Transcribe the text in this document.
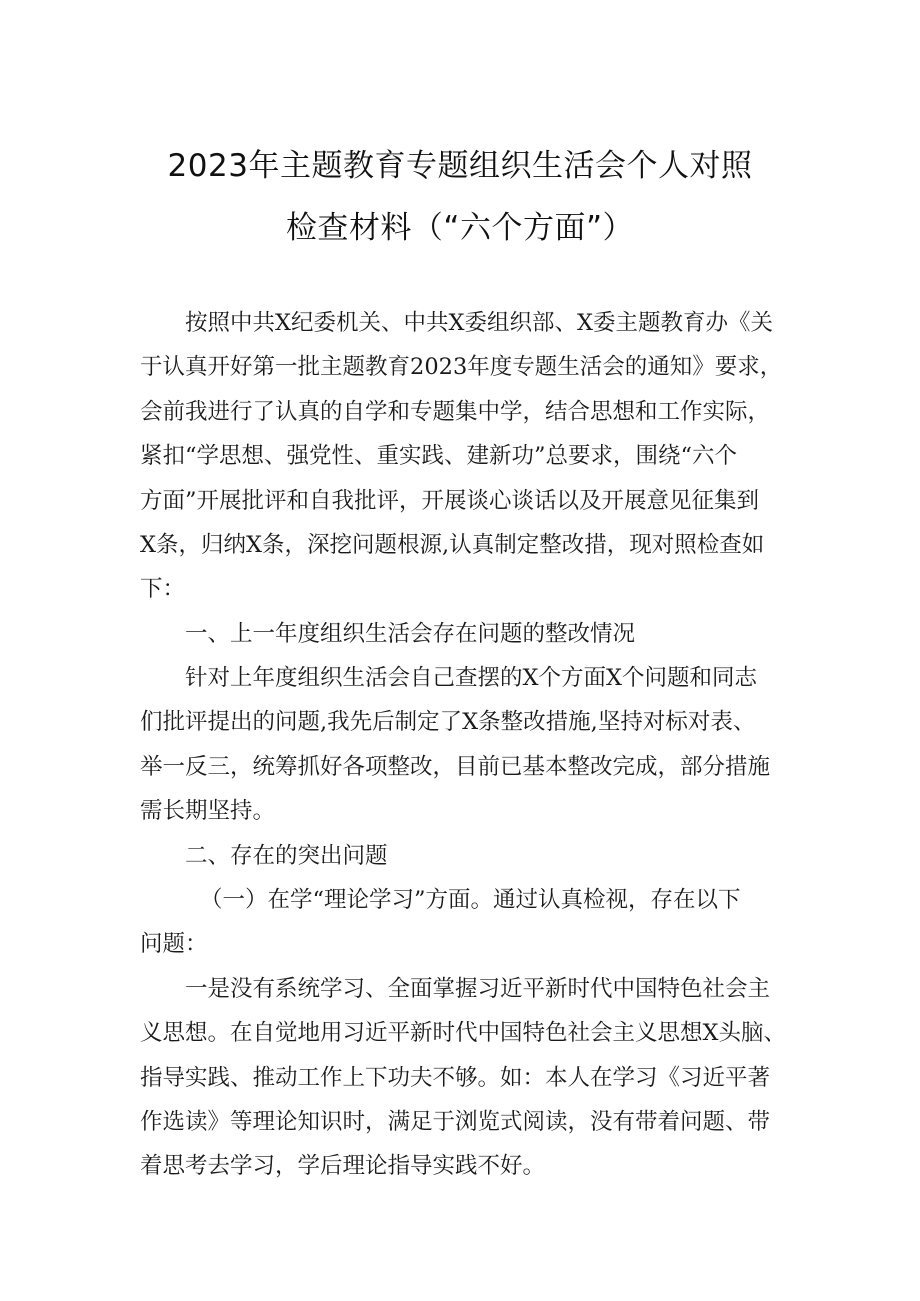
2023年主题教育专题组织生活会个人对照
检查材料（“六个方面”）
按照中共X纪委机关、中共X委组织部、X委主题教育办《关
于认真开好第一批主题教育2023年度专题生活会的通知》要求，
会前我进行了认真的自学和专题集中学，结合思想和工作实际，
紧扣“学思想、强党性、重实践、建新功”总要求，围绕“六个
方面”开展批评和自我批评，开展谈心谈话以及开展意见征集到
X条，归纳X条，深挖问题根源,认真制定整改措，现对照检查如
下：
一、上一年度组织生活会存在问题的整改情况
针对上年度组织生活会自己查摆的X个方面X个问题和同志
们批评提出的问题,我先后制定了X条整改措施,坚持对标对表、
举一反三，统筹抓好各项整改，目前已基本整改完成，部分措施
需长期坚持。
二、存在的突出问题
（一）在学“理论学习”方面。通过认真检视，存在以下
问题：
一是没有系统学习、全面掌握习近平新时代中国特色社会主
义思想。在自觉地用习近平新时代中国特色社会主义思想X头脑、
指导实践、推动工作上下功夫不够。如：本人在学习《习近平著
作选读》等理论知识时，满足于浏览式阅读，没有带着问题、带
着思考去学习，学后理论指导实践不好。
